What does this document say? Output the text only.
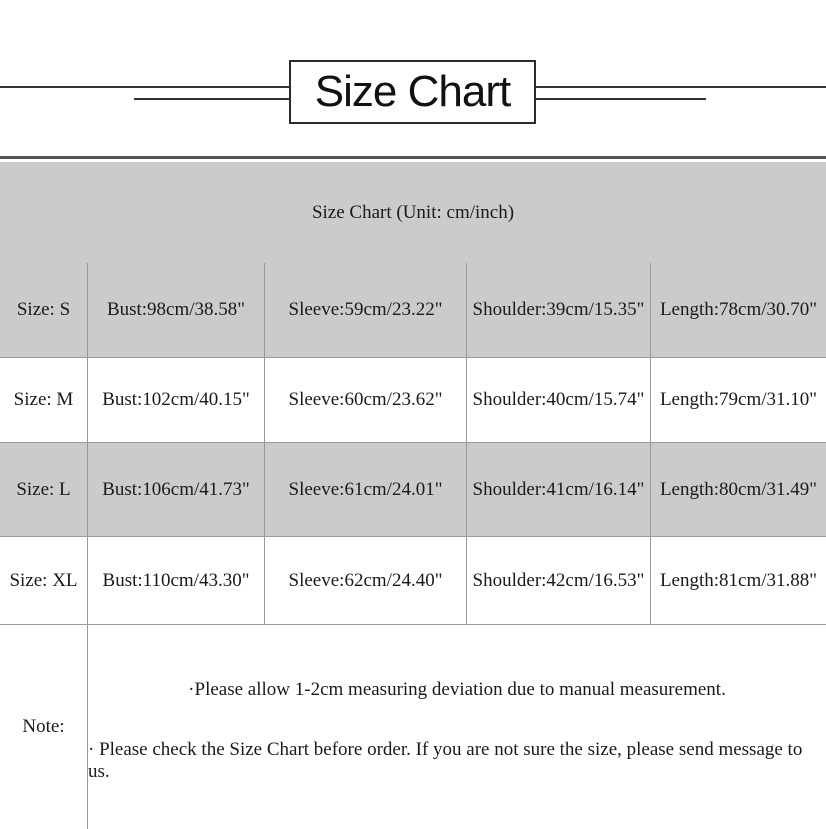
Size Chart
Size Chart (Unit: cm/inch)
Size: S	Bust:98cm/38.58"	Sleeve:59cm/23.22"	Shoulder:39cm/15.35" Length:78cm/30.70"
Size: M	Bust:102cm/40.15"	Sleeve:60cm/23.62"	Shoulder:40cm/15.74" Length:79cm/31.10"
Size: L	Bust:106cm/41.73"	Sleeve:61cm/24.01"	Shoulder:41cm/16.14" Length:80cm/31.49"
Size: XL	Bust:110cm/43.30"	Sleeve:62cm/24.40"	Shoulder:42cm/16.53" Length:81cm/31.88"
Note:
·Please allow 1-2cm measuring deviation due to manual measurement.
· Please check the Size Chart before order. If you are not sure the size, please send message to us.
